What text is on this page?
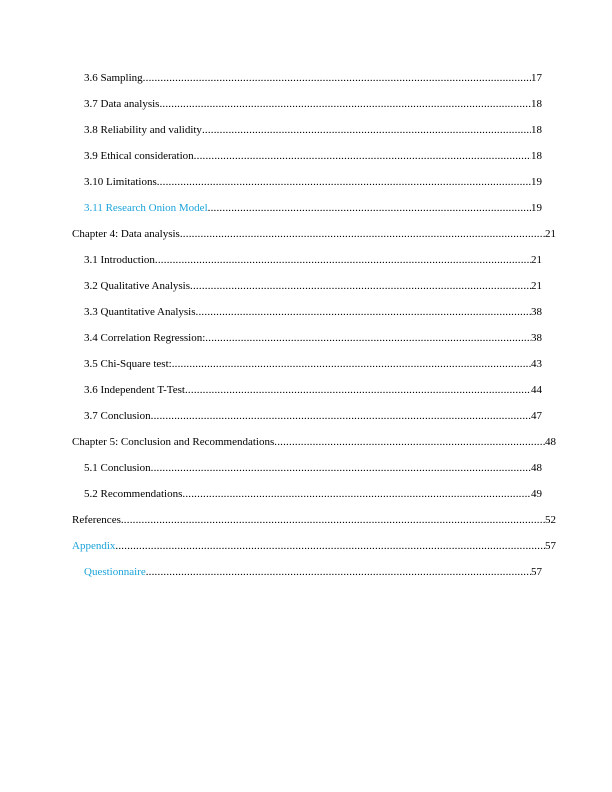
3.6 Sampling .....	17
3.7 Data analysis .....	18
3.8 Reliability and validity .....	18
3.9 Ethical consideration .....	18
3.10 Limitations .....	19
3.11 Research Onion Model .....	19
Chapter 4: Data analysis .....	21
3.1 Introduction .....	21
3.2 Qualitative Analysis .....	21
3.3 Quantitative Analysis .....	38
3.4 Correlation Regression: .....	38
3.5 Chi-Square test: .....	43
3.6 Independent T-Test .....	44
3.7 Conclusion .....	47
Chapter 5: Conclusion and Recommendations .....	48
5.1 Conclusion .....	48
5.2 Recommendations .....	49
References .....	52
Appendix .....	57
Questionnaire .....	57
